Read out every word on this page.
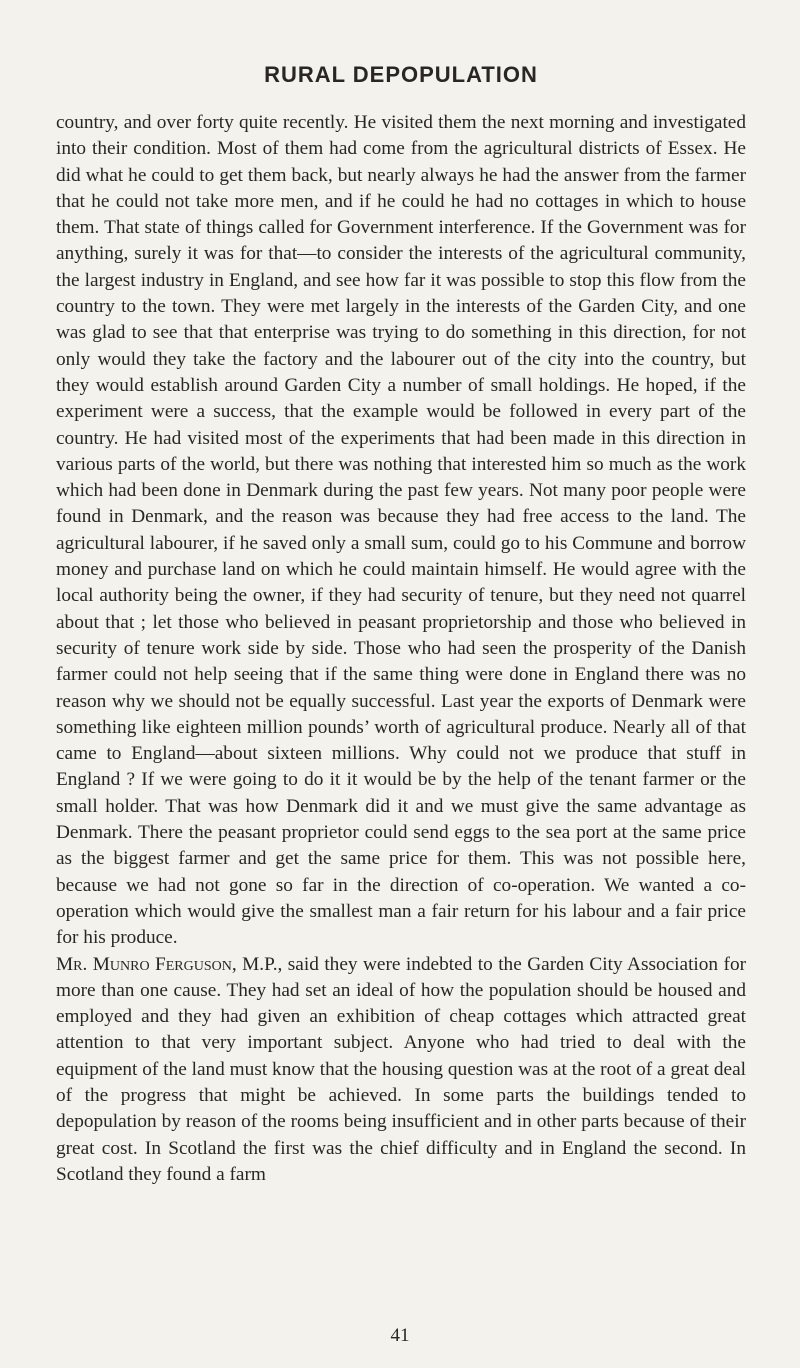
RURAL DEPOPULATION

country, and over forty quite recently. He visited them the next morning and investigated into their condition. Most of them had come from the agricultural districts of Essex. He did what he could to get them back, but nearly always he had the answer from the farmer that he could not take more men, and if he could he had no cottages in which to house them. That state of things called for Government interference. If the Government was for anything, surely it was for that—to consider the interests of the agricultural community, the largest industry in England, and see how far it was possible to stop this flow from the country to the town. They were met largely in the interests of the Garden City, and one was glad to see that that enterprise was trying to do something in this direction, for not only would they take the factory and the labourer out of the city into the country, but they would establish around Garden City a number of small holdings. He hoped, if the experiment were a success, that the example would be followed in every part of the country. He had visited most of the experiments that had been made in this direction in various parts of the world, but there was nothing that interested him so much as the work which had been done in Denmark during the past few years. Not many poor people were found in Denmark, and the reason was because they had free access to the land. The agricultural labourer, if he saved only a small sum, could go to his Commune and borrow money and purchase land on which he could maintain himself. He would agree with the local authority being the owner, if they had security of tenure, but they need not quarrel about that ; let those who believed in peasant proprietorship and those who believed in security of tenure work side by side. Those who had seen the prosperity of the Danish farmer could not help seeing that if the same thing were done in England there was no reason why we should not be equally successful. Last year the exports of Denmark were something like eighteen million pounds’ worth of agricultural produce. Nearly all of that came to England—about sixteen millions. Why could not we produce that stuff in England ? If we were going to do it it would be by the help of the tenant farmer or the small holder. That was how Denmark did it and we must give the same advantage as Denmark. There the peasant proprietor could send eggs to the sea port at the same price as the biggest farmer and get the same price for them. This was not possible here, because we had not gone so far in the direction of co-operation. We wanted a co-operation which would give the smallest man a fair return for his labour and a fair price for his produce.

Mr. Munro Ferguson, M.P., said they were indebted to the Garden City Association for more than one cause. They had set an ideal of how the population should be housed and employed and they had given an exhibition of cheap cottages which attracted great attention to that very important subject. Anyone who had tried to deal with the equipment of the land must know that the housing question was at the root of a great deal of the progress that might be achieved. In some parts the buildings tended to depopulation by reason of the rooms being insufficient and in other parts because of their great cost. In Scotland the first was the chief difficulty and in England the second. In Scotland they found a farm

41
